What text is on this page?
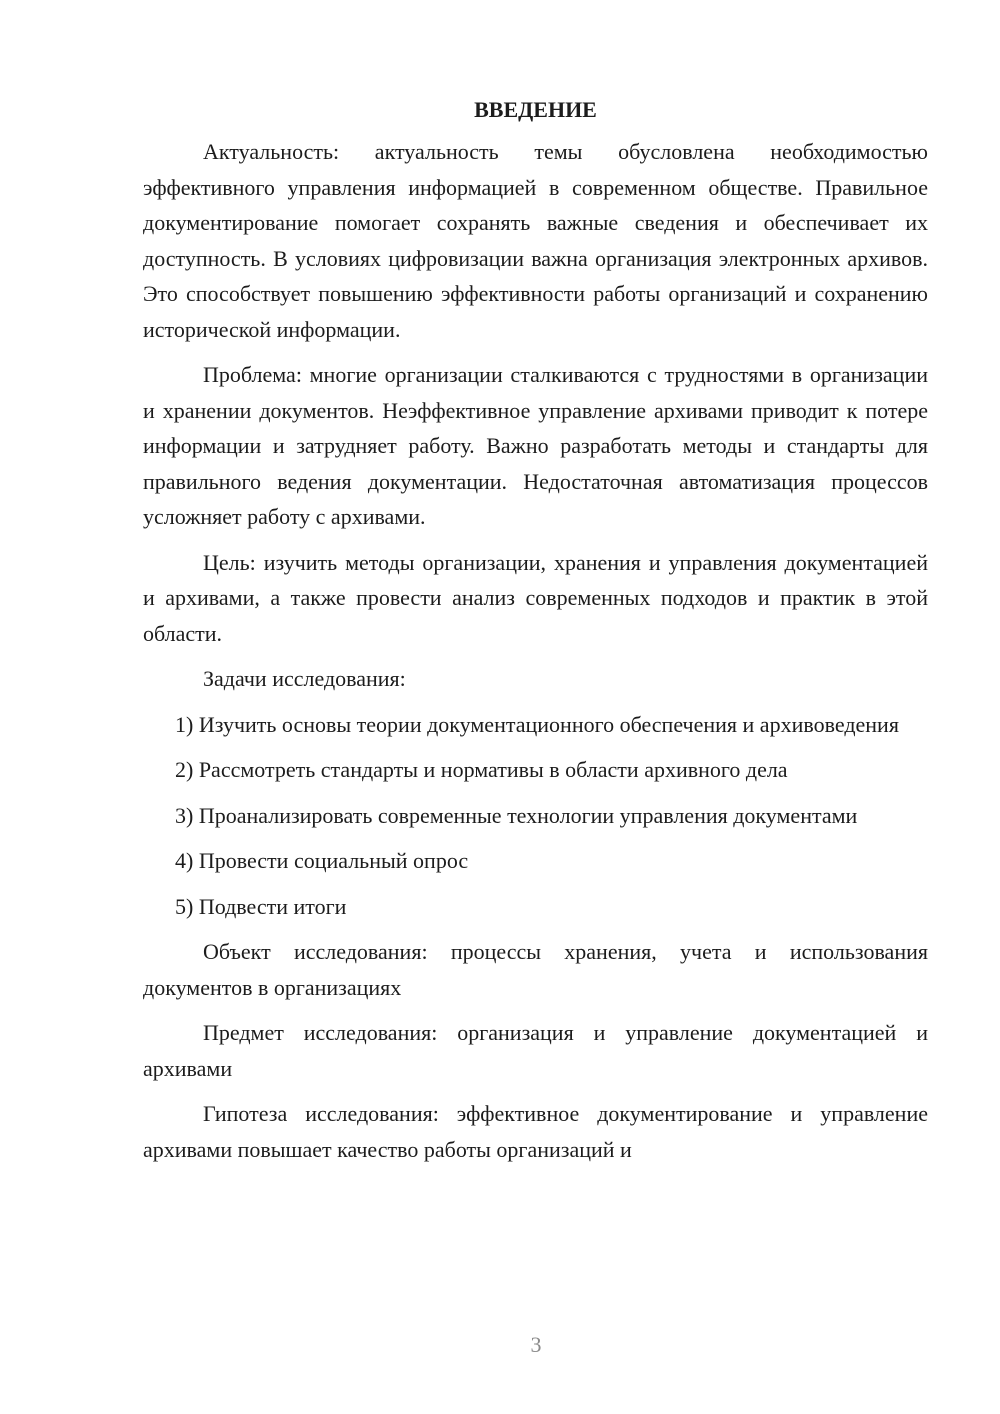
ВВЕДЕНИЕ

Актуальность: актуальность темы обусловлена необходимостью эффективного управления информацией в современном обществе. Правильное документирование помогает сохранять важные сведения и обеспечивает их доступность. В условиях цифровизации важна организация электронных архивов. Это способствует повышению эффективности работы организаций и сохранению исторической информации.

Проблема: многие организации сталкиваются с трудностями в организации и хранении документов. Неэффективное управление архивами приводит к потере информации и затрудняет работу. Важно разработать методы и стандарты для правильного ведения документации. Недостаточная автоматизация процессов усложняет работу с архивами.

Цель: изучить методы организации, хранения и управления документацией и архивами, а также провести анализ современных подходов и практик в этой области.

Задачи исследования:

1) Изучить основы теории документационного обеспечения и архивоведения

2) Рассмотреть стандарты и нормативы в области архивного дела

3) Проанализировать современные технологии управления документами

4) Провести социальный опрос

5) Подвести итоги

Объект исследования: процессы хранения, учета и использования документов в организациях

Предмет исследования: организация и управление документацией и архивами

Гипотеза исследования: эффективное документирование и управление архивами повышает качество работы организаций и

3
